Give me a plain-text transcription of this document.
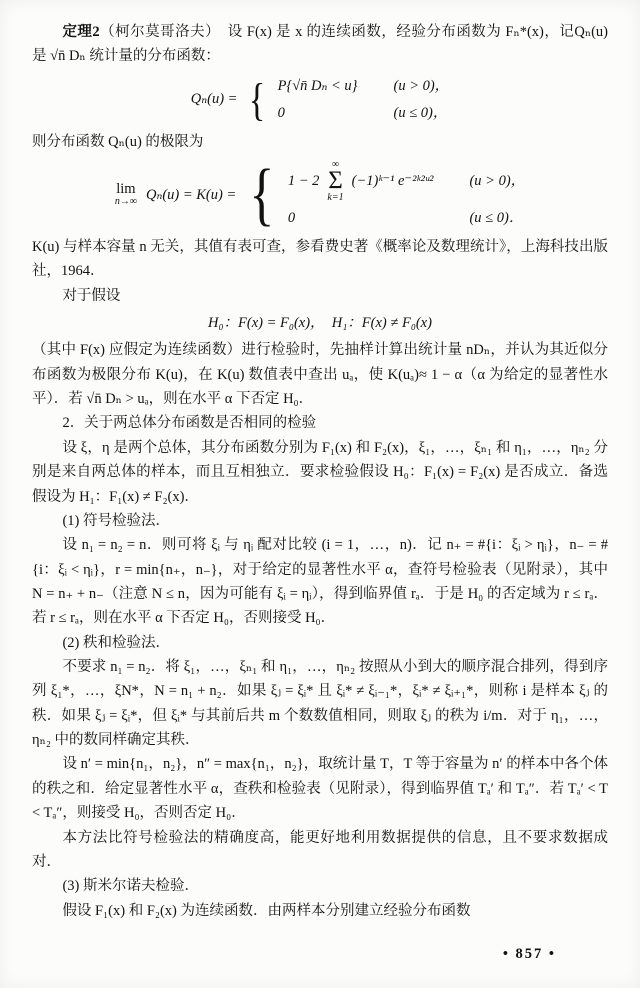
定理2（柯尔莫哥洛夫）　设 F(x) 是 x 的连续函数，经验分布函数为 Fₙ*(x)，记Qₙ(u) 是 √n̄ Dₙ 统计量的分布函数：

Qₙ(u) = { P{√n̄ Dₙ < u} (u > 0)，
0	(u ≤ 0)，

则分布函数 Qₙ(u) 的极限为

lim
n→∞ Qₙ(u) = K(u) = { 1 − 2
∞
Σ
k=1
(−1)ᵏ⁻¹ e⁻²ᵏ²ᵘ² (u > 0)，
0	(u ≤ 0)．

K(u) 与样本容量 n 无关，其值有表可查，参看费史著《概率论及数理统计》，上海科技出版社，1964．

对于假设

H₀：F(x) = F₀(x)，　H₁：F(x) ≠ F₀(x)

（其中 F(x) 应假定为连续函数）进行检验时，先抽样计算出统计量 nDₙ，并认为其近似分布函数为极限分布 K(u)，在 K(u) 数值表中查出 uₐ，使 K(uₐ)≈ 1 − α（α 为给定的显著性水平）．若 √n̄ Dₙ > uₐ，则在水平 α 下否定 H₀．

2．关于两总体分布函数是否相同的检验

设 ξ，η 是两个总体，其分布函数分别为 F₁(x) 和 F₂(x)，ξ₁，…，ξₙ₁ 和 η₁，…，ηₙ₂ 分别是来自两总体的样本，而且互相独立．要求检验假设 H₀：F₁(x) = F₂(x) 是否成立．备选假设为 H₁：F₁(x) ≠ F₂(x)．

(1) 符号检验法．

设 n₁ = n₂ = n．则可将 ξᵢ 与 ηᵢ 配对比较 (i = 1，…，n)．记 n₊ = #{i：ξᵢ > ηᵢ}，n₋ = #{i：ξᵢ < ηᵢ}，r = min{n₊，n₋}，对于给定的显著性水平 α，查符号检验表（见附录），其中 N = n₊ + n₋（注意 N ≤ n，因为可能有 ξᵢ = ηᵢ），得到临界值 rₐ．于是 H₀ 的否定域为 r ≤ rₐ．若 r ≤ rₐ，则在水平 α 下否定 H₀，否则接受 H₀．

(2) 秩和检验法．

不要求 n₁ = n₂．将 ξ₁，…，ξₙ₁ 和 η₁，…，ηₙ₂ 按照从小到大的顺序混合排列，得到序列 ξ₁*，…，ξN*，N = n₁ + n₂．如果 ξⱼ = ξᵢ* 且 ξᵢ* ≠ ξᵢ₋₁*，ξᵢ* ≠ ξᵢ₊₁*，则称 i 是样本 ξⱼ 的秩．如果 ξⱼ = ξᵢ*，但 ξᵢ* 与其前后共 m 个数数值相同，则取 ξⱼ 的秩为 i/m．对于 η₁，…，ηₙ₂ 中的数同样确定其秩．

设 n′ = min{n₁，n₂}，n″ = max{n₁，n₂}，取统计量 T，T 等于容量为 n′ 的样本中各个体的秩之和．给定显著性水平 α，查秩和检验表（见附录），得到临界值 Tₐ′ 和 Tₐ″．若 Tₐ′ < T < Tₐ″，则接受 H₀，否则否定 H₀．

本方法比符号检验法的精确度高，能更好地利用数据提供的信息，且不要求数据成对．

(3) 斯米尔诺夫检验．

假设 F₁(x) 和 F₂(x) 为连续函数．由两样本分别建立经验分布函数

• 857 •
